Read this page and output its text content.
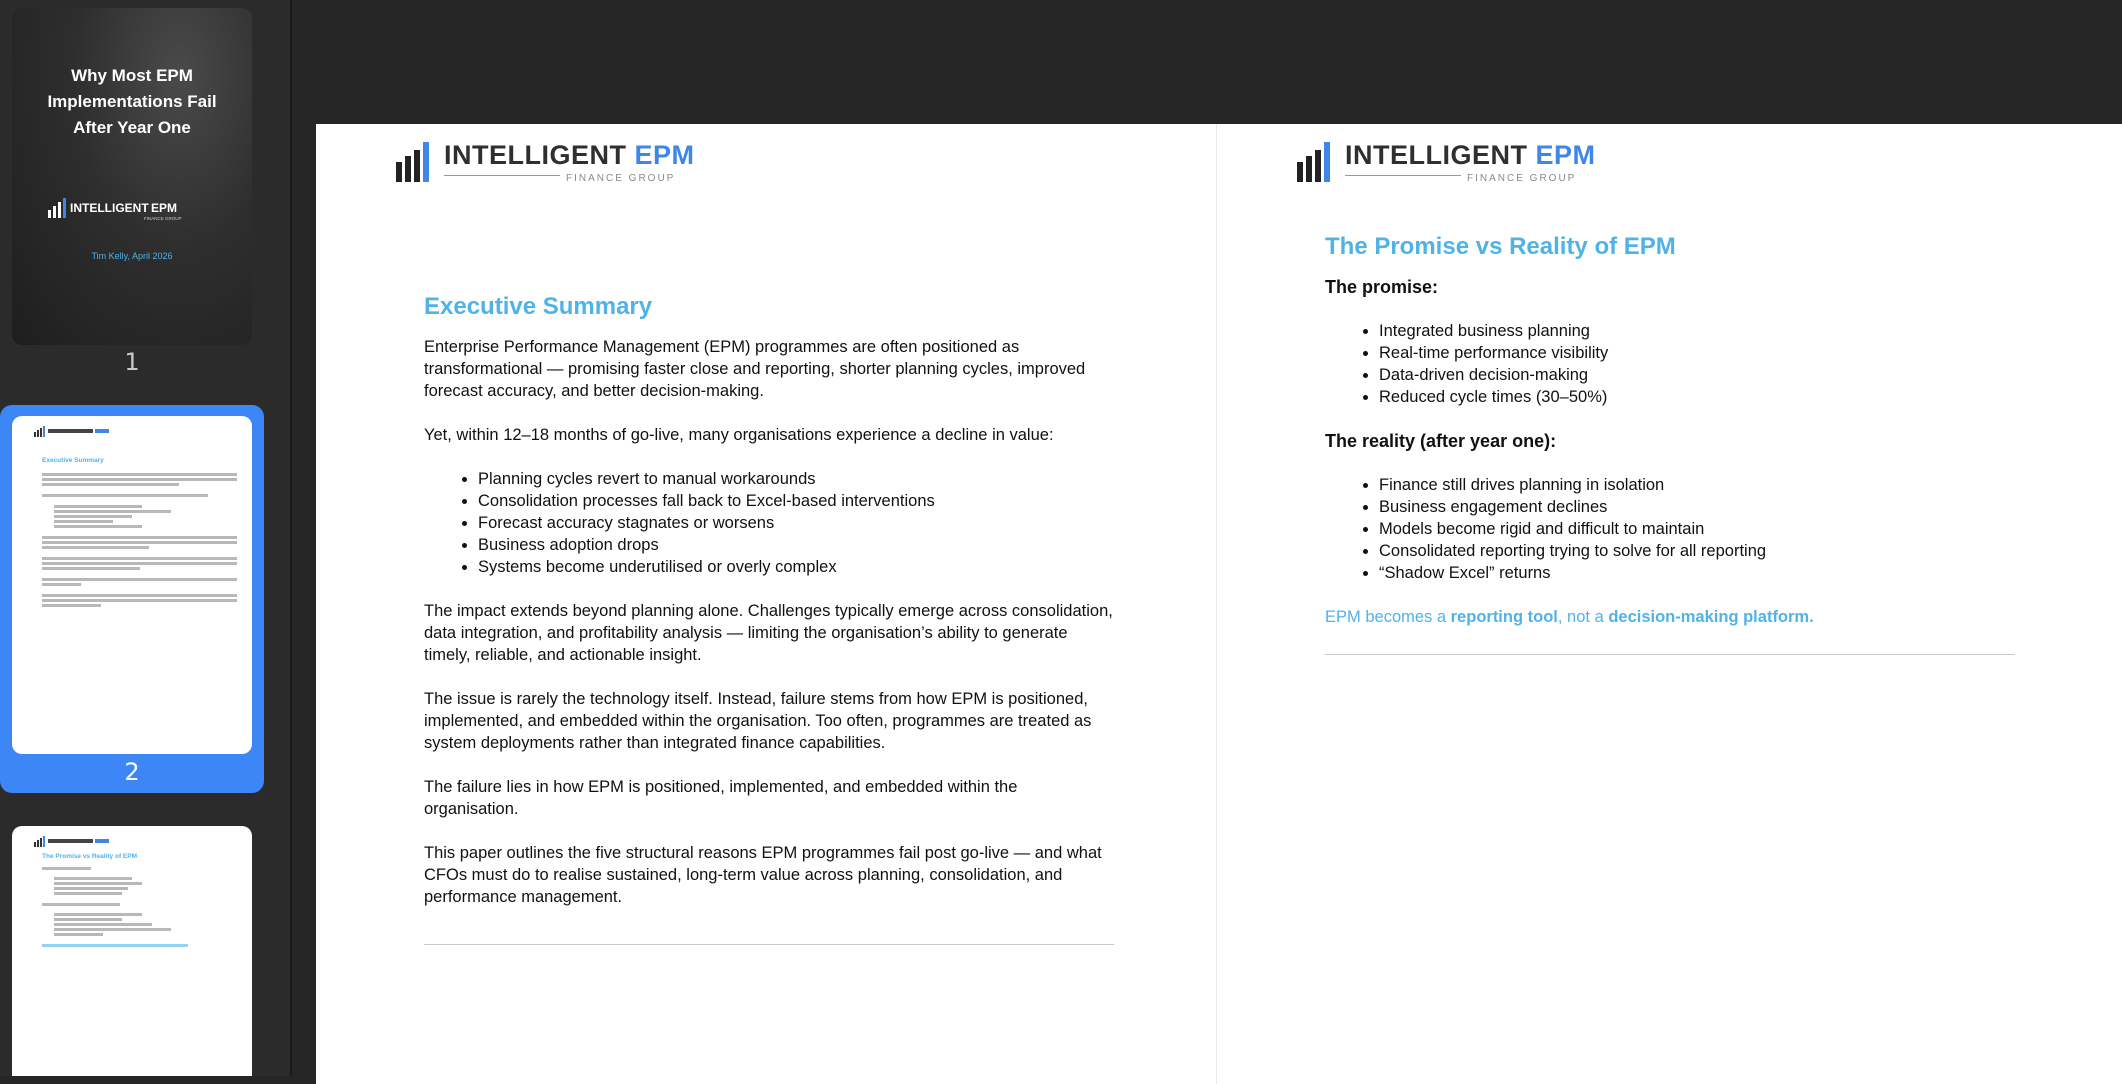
Why Most EPM
Implementations Fail
After Year One
INTELLIGENT EPM
FINANCE GROUP
Tim Kelly, April 2026
1
Executive Summary
2
The Promise vs Reality of EPM
INTELLIGENT EPM
FINANCE GROUP
Executive Summary

Enterprise Performance Management (EPM) programmes are often positioned as transformational — promising faster close and reporting, shorter planning cycles, improved forecast accuracy, and better decision-making.

Yet, within 12–18 months of go-live, many organisations experience a decline in value:

• Planning cycles revert to manual workarounds
• Consolidation processes fall back to Excel-based interventions
• Forecast accuracy stagnates or worsens
• Business adoption drops
• Systems become underutilised or overly complex

The impact extends beyond planning alone. Challenges typically emerge across consolidation, data integration, and profitability analysis — limiting the organisation’s ability to generate timely, reliable, and actionable insight.

The issue is rarely the technology itself. Instead, failure stems from how EPM is positioned, implemented, and embedded within the organisation. Too often, programmes are treated as system deployments rather than integrated finance capabilities.

The failure lies in how EPM is positioned, implemented, and embedded within the organisation.

This paper outlines the five structural reasons EPM programmes fail post go-live — and what CFOs must do to realise sustained, long-term value across planning, consolidation, and performance management.

INTELLIGENT EPM
FINANCE GROUP
The Promise vs Reality of EPM
The promise:
• Integrated business planning
• Real-time performance visibility
• Data-driven decision-making
• Reduced cycle times (30–50%)
The reality (after year one):
• Finance still drives planning in isolation
• Business engagement declines
• Models become rigid and difficult to maintain
• Consolidated reporting trying to solve for all reporting
• “Shadow Excel” returns

EPM becomes a reporting tool, not a decision-making platform.
